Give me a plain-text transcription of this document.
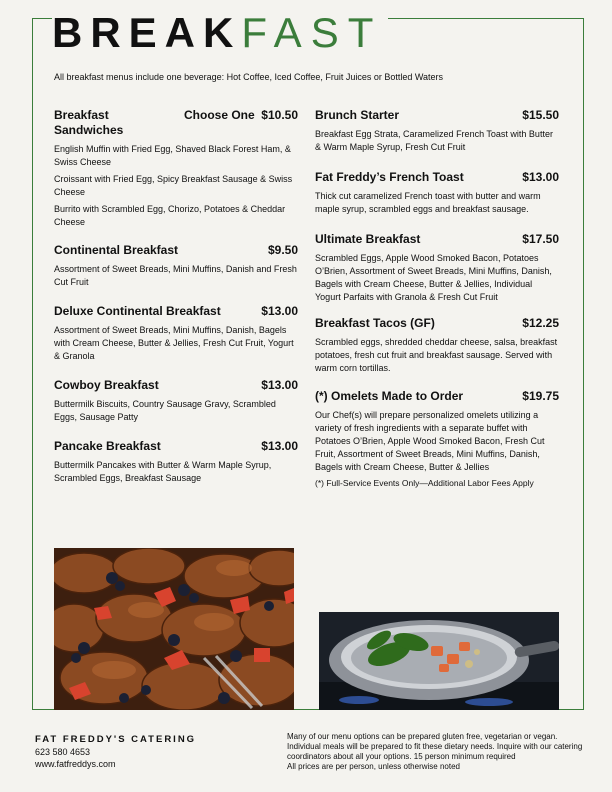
BREAKFAST
All breakfast menus include one beverage: Hot Coffee, Iced Coffee, Fruit Juices or Bottled Waters
Breakfast Sandwiches
Choose One $10.50
English Muffin with Fried Egg, Shaved Black Forest Ham, & Swiss Cheese
Croissant with Fried Egg, Spicy Breakfast Sausage & Swiss Cheese
Burrito with Scrambled Egg, Chorizo, Potatoes & Cheddar Cheese
Continental Breakfast	$9.50
Assortment of Sweet Breads, Mini Muffins, Danish and Fresh Cut Fruit
Deluxe Continental Breakfast	$13.00
Assortment of Sweet Breads, Mini Muffins, Danish, Bagels with Cream Cheese, Butter & Jellies, Fresh Cut Fruit, Yogurt & Granola
Cowboy Breakfast	$13.00
Buttermilk Biscuits, Country Sausage Gravy, Scrambled Eggs, Sausage Patty
Pancake Breakfast	$13.00
Buttermilk Pancakes with Butter & Warm Maple Syrup, Scrambled Eggs, Breakfast Sausage
Brunch Starter	$15.50
Breakfast Egg Strata, Caramelized French Toast with Butter & Warm Maple Syrup, Fresh Cut Fruit
Fat Freddy’s French Toast	$13.00
Thick cut caramelized French toast with butter and warm maple syrup, scrambled eggs and breakfast sausage.
Ultimate Breakfast	$17.50
Scrambled Eggs, Apple Wood Smoked Bacon, Potatoes O’Brien, Assortment of Sweet Breads, Mini Muffins, Danish, Bagels with Cream Cheese, Butter & Jellies, Individual Yogurt Parfaits with Granola & Fresh Cut Fruit
Breakfast Tacos (GF)	$12.25
Scrambled eggs, shredded cheddar cheese, salsa, breakfast potatoes, fresh cut fruit and breakfast sausage. Served with warm corn tortillas.
(*) Omelets Made to Order	$19.75
Our Chef(s) will prepare personalized omelets utilizing a variety of fresh ingredients with a separate buffet with Potatoes O’Brien, Apple Wood Smoked Bacon, Fresh Cut Fruit, Assortment of Sweet Breads, Mini Muffins, Danish, Bagels with Cream Cheese, Butter & Jellies
(*) Full-Service Events Only—Additional Labor Fees Apply
FAT FREDDY'S CATERING
623 580 4653
www.fatfreddys.com
Many of our menu options can be prepared gluten free, vegetarian or vegan. Individual meals will be prepared to fit these dietary needs. Inquire with our catering coordinators about all your options. 15 person minimum required
All prices are per person, unless otherwise noted
